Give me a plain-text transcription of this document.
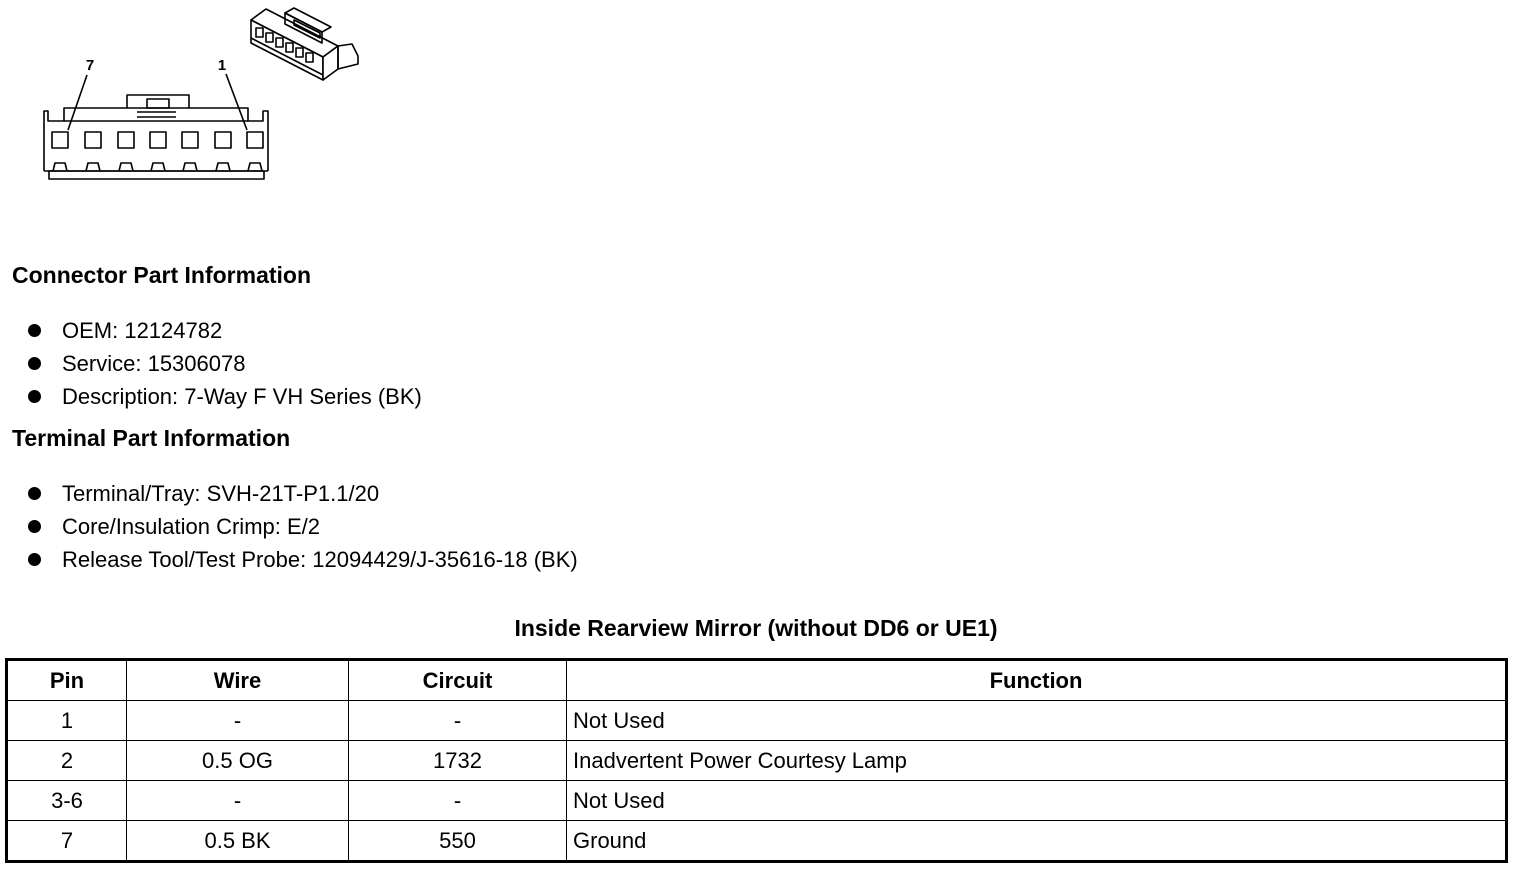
7	1
Connector Part Information
OEM: 12124782
Service: 15306078
Description: 7-Way F VH Series (BK)
Terminal Part Information
Terminal/Tray: SVH-21T-P1.1/20
Core/Insulation Crimp: E/2
Release Tool/Test Probe: 12094429/J-35616-18 (BK)
Inside Rearview Mirror (without DD6 or UE1)
Pin	Wire	Circuit	Function
1	-	-	Not Used
2	0.5 OG	1732	Inadvertent Power Courtesy Lamp
3-6	-	-	Not Used
7	0.5 BK	550	Ground
